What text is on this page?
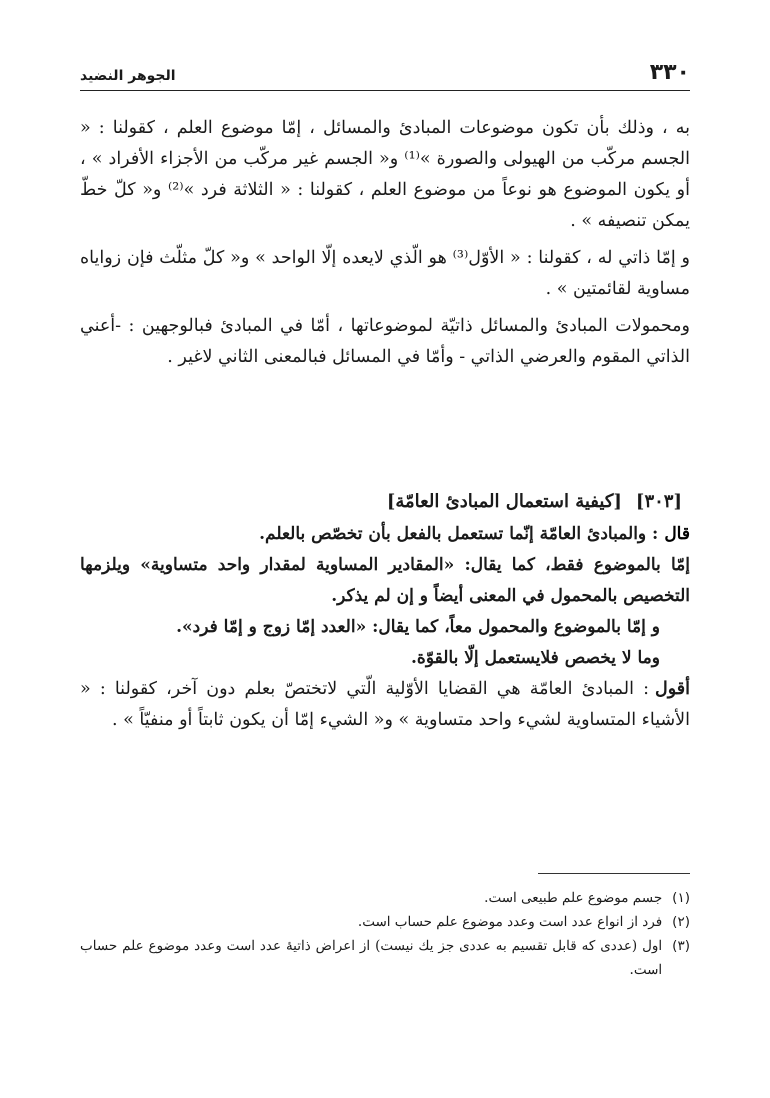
٣٣٠
الجوهر النضيد

به ، وذلك بأن تكون موضوعات المبادئ والمسائل ، إمّا موضوع العلم ، كقولنا : « الجسم مركّب من الهيولى والصورة »⁽¹⁾ و« الجسم غير مركّب من الأجزاء الأفراد » ، أو يكون الموضوع هو نوعاً من موضوع العلم ، كقولنا : « الثلاثة فرد »⁽²⁾ و« كلّ خطّ يمكن تنصيفه » .

و إمّا ذاتي له ، كقولنا : « الأوّل⁽³⁾ هو الّذي لايعده إلّا الواحد » و« كلّ مثلّث فإن زواياه مساوية لقائمتين » .

ومحمولات المبادئ والمسائل ذاتيّة لموضوعاتها ، أمّا في المبادئ فبالوجهين : -أعني الذاتي المقوم والعرضي الذاتي - وأمّا في المسائل فبالمعنى الثاني لاغير .

[٣٠٣]
[كيفية استعمال المبادئ العامّة]

قال: والمبادئ العامّة إنّما تستعمل بالفعل بأن تخصّص بالعلم.

إمّا بالموضوع فقط، كما يقال: «المقادير المساوية لمقدار واحد متساوية» ويلزمها التخصيص بالمحمول في المعنى أيضاً و إن لم يذكر.

و إمّا بالموضوع والمحمول معاً، كما يقال: «العدد إمّا زوج و إمّا فرد».

وما لا يخصص فلايستعمل إلّا بالقوّة.

أقول: المبادئ العامّة هي القضايا الأوّلية الّتي لاتختصّ بعلم دون آخر، كقولنا : « الأشياء المتساوية لشيء واحد متساوية » و« الشيء إمّا أن يكون ثابتاً أو منفيّاً » .

(١)
جسم موضوع علم طبيعى است.
(٢)
فرد از انواع عدد است وعدد موضوع علم حساب است.
(٣)
اول (عددى كه قابل تقسيم به عددى جز يك نيست) از اعراض ذاتيهٔ عدد است وعدد موضوع علم حساب است.
